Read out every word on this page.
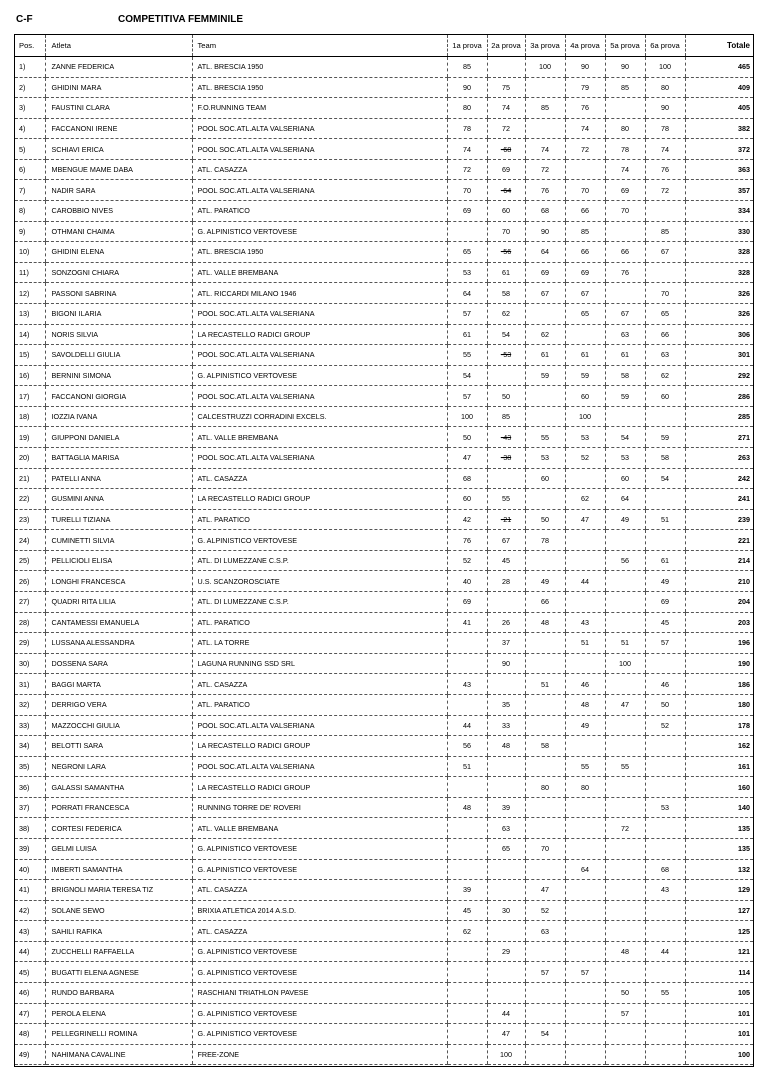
C-F	COMPETITIVA FEMMINILE
Pos.	Atleta	Team	1a prova	2a prova	3a prova	4a prova	5a prova	6a prova	Totale
1)	ZANNE FEDERICA	ATL. BRESCIA 1950	85		100	90	90	100	465
2)	GHIDINI MARA	ATL. BRESCIA 1950	90	75		79	85	80	409
3)	FAUSTINI CLARA	F.O.RUNNING TEAM	80	74	85	76		90	405
4)	FACCANONI IRENE	POOL SOC.ATL.ALTA VALSERIANA	78	72		74	80	78	382
5)	SCHIAVI ERICA	POOL SOC.ATL.ALTA VALSERIANA	74	-68	74	72	78	74	372
6)	MBENGUE MAME DABA	ATL. CASAZZA	72	69	72		74	76	363
7)	NADIR SARA	POOL SOC.ATL.ALTA VALSERIANA	70	-64	76	70	69	72	357
8)	CAROBBIO NIVES	ATL. PARATICO	69	60	68	66	70		334
9)	OTHMANI CHAIMA	G. ALPINISTICO VERTOVESE		70	90	85		85	330
10)	GHIDINI ELENA	ATL. BRESCIA 1950	65	-56	64	66	66	67	328
11)	SONZOGNI CHIARA	ATL. VALLE BREMBANA	53	61	69	69	76		328
12)	PASSONI SABRINA	ATL. RICCARDI MILANO 1946	64	58	67	67		70	326
13)	BIGONI ILARIA	POOL SOC.ATL.ALTA VALSERIANA	57	62		65	67	65	326
14)	NORIS SILVIA	LA RECASTELLO RADICI GROUP	61	54	62		63	66	306
15)	SAVOLDELLI GIULIA	POOL SOC.ATL.ALTA VALSERIANA	55	-53	61	61	61	63	301
16)	BERNINI SIMONA	G. ALPINISTICO VERTOVESE	54		59	59	58	62	292
17)	FACCANONI GIORGIA	POOL SOC.ATL.ALTA VALSERIANA	57	50		60	59	60	286
18)	IOZZIA IVANA	CALCESTRUZZI CORRADINI EXCELS.	100	85		100			285
19)	GIUPPONI DANIELA	ATL. VALLE BREMBANA	50	-43	55	53	54	59	271
20)	BATTAGLIA MARISA	POOL SOC.ATL.ALTA VALSERIANA	47	-38	53	52	53	58	263
21)	PATELLI ANNA	ATL. CASAZZA	68		60		60	54	242
22)	GUSMINI ANNA	LA RECASTELLO RADICI GROUP	60	55		62	64		241
23)	TURELLI TIZIANA	ATL. PARATICO	42	-21	50	47	49	51	239
24)	CUMINETTI SILVIA	G. ALPINISTICO VERTOVESE	76	67	78				221
25)	PELLICIOLI ELISA	ATL. DI LUMEZZANE C.S.P.	52	45			56	61	214
26)	LONGHI FRANCESCA	U.S. SCANZOROSCIATE	40	28	49	44		49	210
27)	QUADRI RITA LILIA	ATL. DI LUMEZZANE C.S.P.	69		66			69	204
28)	CANTAMESSI EMANUELA	ATL. PARATICO	41	26	48	43		45	203
29)	LUSSANA ALESSANDRA	ATL. LA TORRE		37		51	51	57	196
30)	DOSSENA SARA	LAGUNA RUNNING SSD SRL		90			100		190
31)	BAGGI MARTA	ATL. CASAZZA	43		51	46		46	186
32)	DERRIGO VERA	ATL. PARATICO		35		48	47	50	180
33)	MAZZOCCHI GIULIA	POOL SOC.ATL.ALTA VALSERIANA	44	33		49		52	178
34)	BELOTTI SARA	LA RECASTELLO RADICI GROUP	56	48	58				162
35)	NEGRONI LARA	POOL SOC.ATL.ALTA VALSERIANA	51			55	55		161
36)	GALASSI SAMANTHA	LA RECASTELLO RADICI GROUP			80	80			160
37)	PORRATI FRANCESCA	RUNNING TORRE DE' ROVERI	48	39				53	140
38)	CORTESI FEDERICA	ATL. VALLE BREMBANA		63			72		135
39)	GELMI LUISA	G. ALPINISTICO VERTOVESE		65	70				135
40)	IMBERTI SAMANTHA	G. ALPINISTICO VERTOVESE				64		68	132
41)	BRIGNOLI MARIA TERESA TIZ	ATL. CASAZZA	39		47			43	129
42)	SOLANE SEWO	BRIXIA ATLETICA 2014 A.S.D.	45	30	52				127
43)	SAHILI RAFIKA	ATL. CASAZZA	62		63				125
44)	ZUCCHELLI RAFFAELLA	G. ALPINISTICO VERTOVESE		29			48	44	121
45)	BUGATTI ELENA AGNESE	G. ALPINISTICO VERTOVESE			57	57			114
46)	RUNDO BARBARA	RASCHIANI TRIATHLON PAVESE					50	55	105
47)	PEROLA ELENA	G. ALPINISTICO VERTOVESE		44			57		101
48)	PELLEGRINELLI ROMINA	G. ALPINISTICO VERTOVESE		47	54				101
49)	NAHIMANA CAVALINE	FREE-ZONE		100					100
